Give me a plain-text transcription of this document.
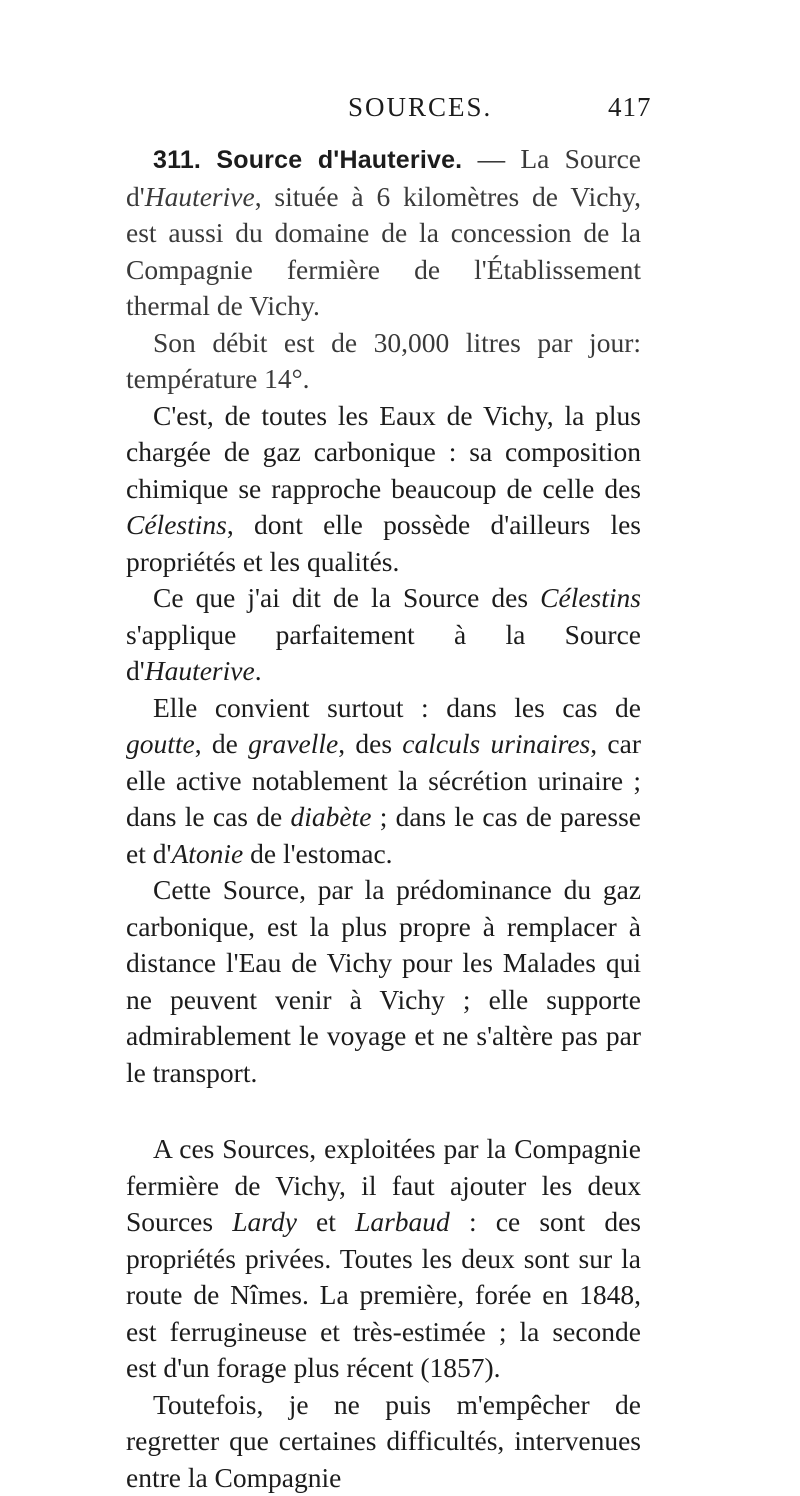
SOURCES.	417

311. Source d'Hauterive. — La Source d'Hauterive, située à 6 kilomètres de Vichy, est aussi du domaine de la concession de la Compagnie fermière de l'Établissement thermal de Vichy.

Son débit est de 30,000 litres par jour: température 14°.

C'est, de toutes les Eaux de Vichy, la plus chargée de gaz carbonique : sa composition chimique se rapproche beaucoup de celle des Célestins, dont elle possède d'ailleurs les propriétés et les qualités.

Ce que j'ai dit de la Source des Célestins s'applique parfaitement à la Source d'Hauterive.

Elle convient surtout : dans les cas de goutte, de gravelle, des calculs urinaires, car elle active notablement la sécrétion urinaire ; dans le cas de diabète ; dans le cas de paresse et d'Atonie de l'estomac.

Cette Source, par la prédominance du gaz carbonique, est la plus propre à remplacer à distance l'Eau de Vichy pour les Malades qui ne peuvent venir à Vichy ; elle supporte admirablement le voyage et ne s'altère pas par le transport.

A ces Sources, exploitées par la Compagnie fermière de Vichy, il faut ajouter les deux Sources Lardy et Larbaud : ce sont des propriétés privées. Toutes les deux sont sur la route de Nîmes. La première, forée en 1848, est ferrugineuse et très-estimée ; la seconde est d'un forage plus récent (1857).

Toutefois, je ne puis m'empêcher de regretter que certaines difficultés, intervenues entre la Compagnie
